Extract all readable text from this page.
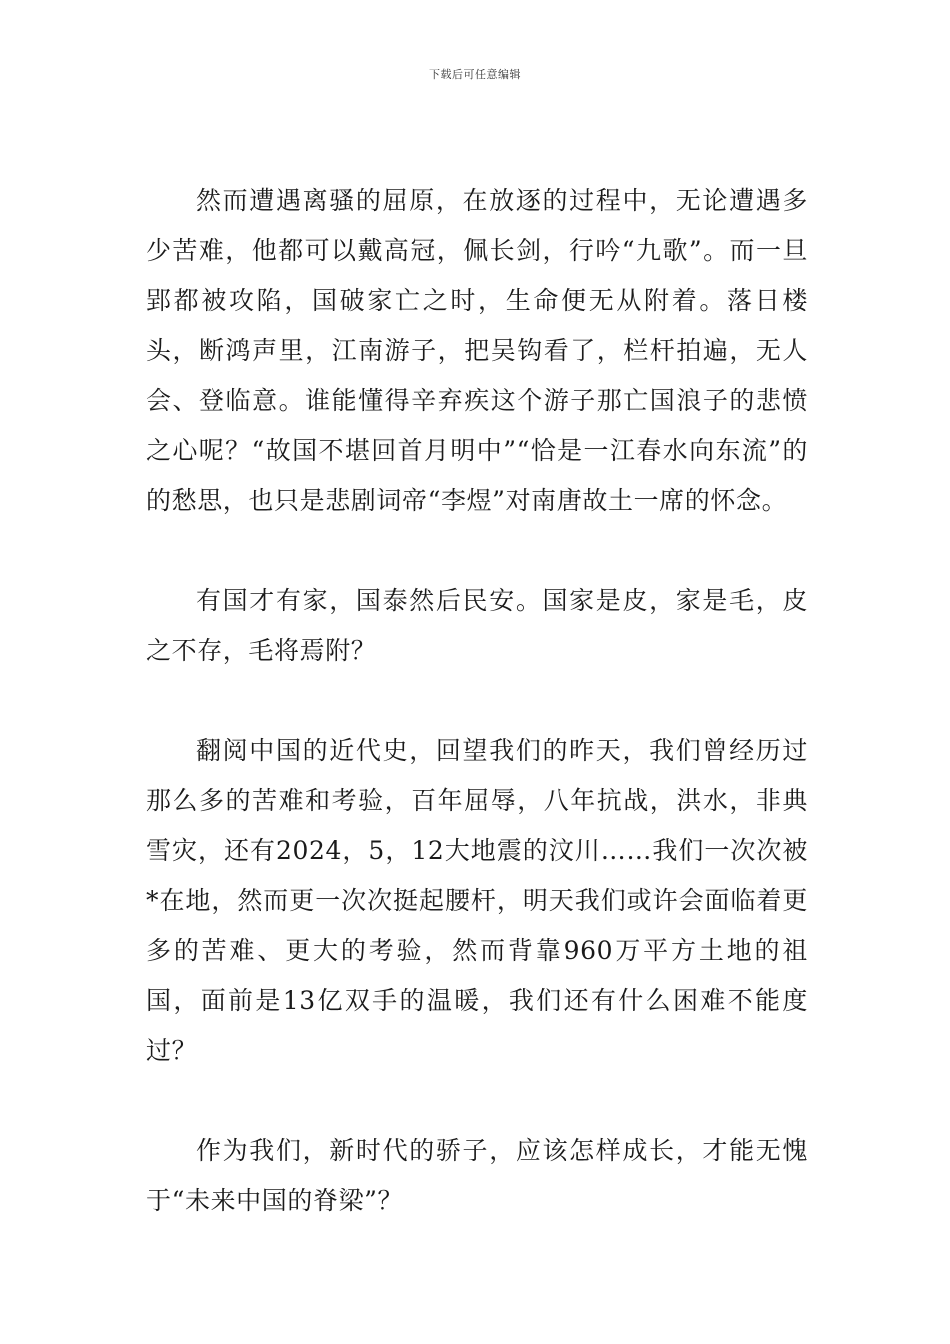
下载后可任意编辑

然而遭遇离骚的屈原，在放逐的过程中，无论遭遇多少苦难，他都可以戴高冠，佩长剑，行吟“九歌”。而一旦郢都被攻陷，国破家亡之时，生命便无从附着。落日楼头，断鸿声里，江南游子，把吴钩看了，栏杆拍遍，无人会、登临意。谁能懂得辛弃疾这个游子那亡国浪子的悲愤之心呢？“故国不堪回首月明中”“恰是一江春水向东流”的的愁思，也只是悲剧词帝“李煜”对南唐故土一席的怀念。

有国才有家，国泰然后民安。国家是皮，家是毛，皮之不存，毛将焉附？

翻阅中国的近代史，回望我们的昨天，我们曾经历过那么多的苦难和考验，百年屈辱，八年抗战，洪水，非典雪灾，还有2024，5，12大地震的汶川……我们一次次被*在地，然而更一次次挺起腰杆，明天我们或许会面临着更多的苦难、更大的考验，然而背靠960万平方土地的祖国，面前是13亿双手的温暖，我们还有什么困难不能度过？

作为我们，新时代的骄子，应该怎样成长，才能无愧于“未来中国的脊梁”？
